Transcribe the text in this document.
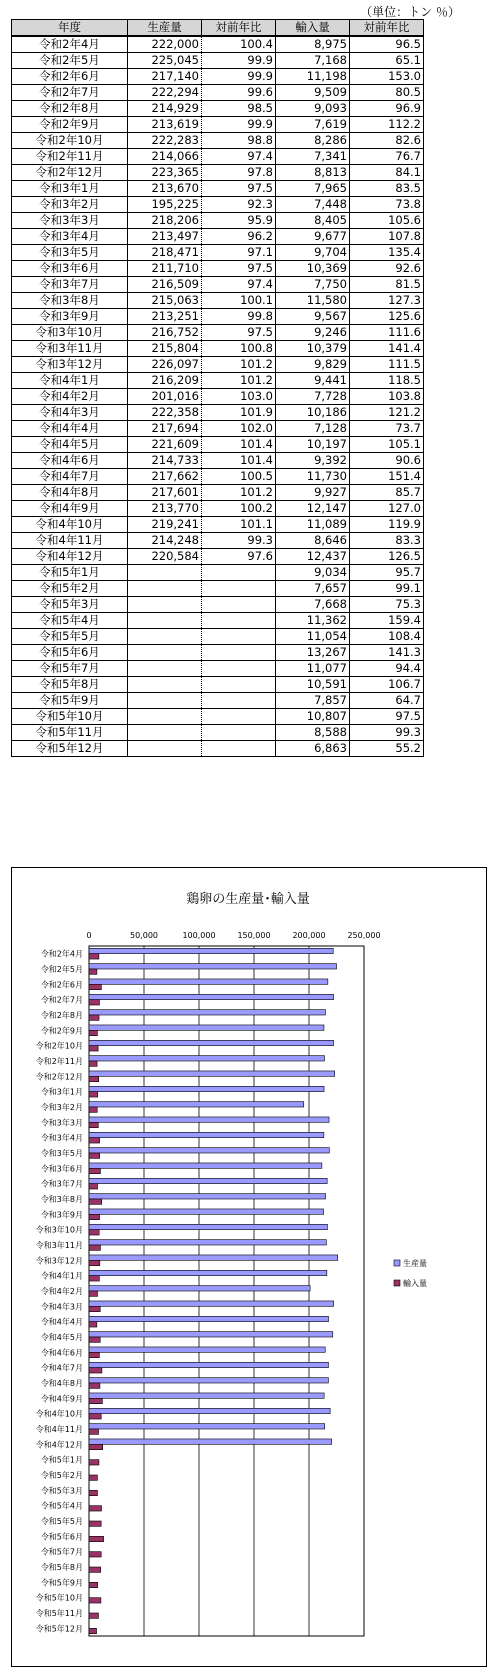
（単位：トン ％）
年度	生産量	対前年比	輸入量	対前年比
令和2年4月	222,000	100.4	8,975	96.5
令和2年5月	225,045	99.9	7,168	65.1
令和2年6月	217,140	99.9	11,198	153.0
令和2年7月	222,294	99.6	9,509	80.5
令和2年8月	214,929	98.5	9,093	96.9
令和2年9月	213,619	99.9	7,619	112.2
令和2年10月	222,283	98.8	8,286	82.6
令和2年11月	214,066	97.4	7,341	76.7
令和2年12月	223,365	97.8	8,813	84.1
令和3年1月	213,670	97.5	7,965	83.5
令和3年2月	195,225	92.3	7,448	73.8
令和3年3月	218,206	95.9	8,405	105.6
令和3年4月	213,497	96.2	9,677	107.8
令和3年5月	218,471	97.1	9,704	135.4
令和3年6月	211,710	97.5	10,369	92.6
令和3年7月	216,509	97.4	7,750	81.5
令和3年8月	215,063	100.1	11,580	127.3
令和3年9月	213,251	99.8	9,567	125.6
令和3年10月	216,752	97.5	9,246	111.6
令和3年11月	215,804	100.8	10,379	141.4
令和3年12月	226,097	101.2	9,829	111.5
令和4年1月	216,209	101.2	9,441	118.5
令和4年2月	201,016	103.0	7,728	103.8
令和4年3月	222,358	101.9	10,186	121.2
令和4年4月	217,694	102.0	7,128	73.7
令和4年5月	221,609	101.4	10,197	105.1
令和4年6月	214,733	101.4	9,392	90.6
令和4年7月	217,662	100.5	11,730	151.4
令和4年8月	217,601	101.2	9,927	85.7
令和4年9月	213,770	100.2	12,147	127.0
令和4年10月	219,241	101.1	11,089	119.9
令和4年11月	214,248	99.3	8,646	83.3
令和4年12月	220,584	97.6	12,437	126.5
令和5年1月			9,034	95.7
令和5年2月			7,657	99.1
令和5年3月			7,668	75.3
令和5年4月			11,362	159.4
令和5年5月			11,054	108.4
令和5年6月			13,267	141.3
令和5年7月			11,077	94.4
令和5年8月			10,591	106.7
令和5年9月			7,857	64.7
令和5年10月			10,807	97.5
令和5年11月			8,588	99.3
令和5年12月			6,863	55.2
鶏卵の生産量･輸入量
0	50,000	100,000	150,000	200,000	250,000
令和2年4月
令和2年5月
令和2年6月
令和2年7月
令和2年8月
令和2年9月
令和2年10月
令和2年11月
令和2年12月
令和3年1月
令和3年2月
令和3年3月
令和3年4月
令和3年5月
令和3年6月
令和3年7月
令和3年8月
令和3年9月
令和3年10月
令和3年11月
令和3年12月
令和4年1月
令和4年2月
令和4年3月
令和4年4月
令和4年5月
令和4年6月
令和4年7月
令和4年8月
令和4年9月
令和4年10月
令和4年11月
令和4年12月
令和5年1月
令和5年2月
令和5年3月
令和5年4月
令和5年5月
令和5年6月
令和5年7月
令和5年8月
令和5年9月
令和5年10月
令和5年11月
令和5年12月
生産量
輸入量
